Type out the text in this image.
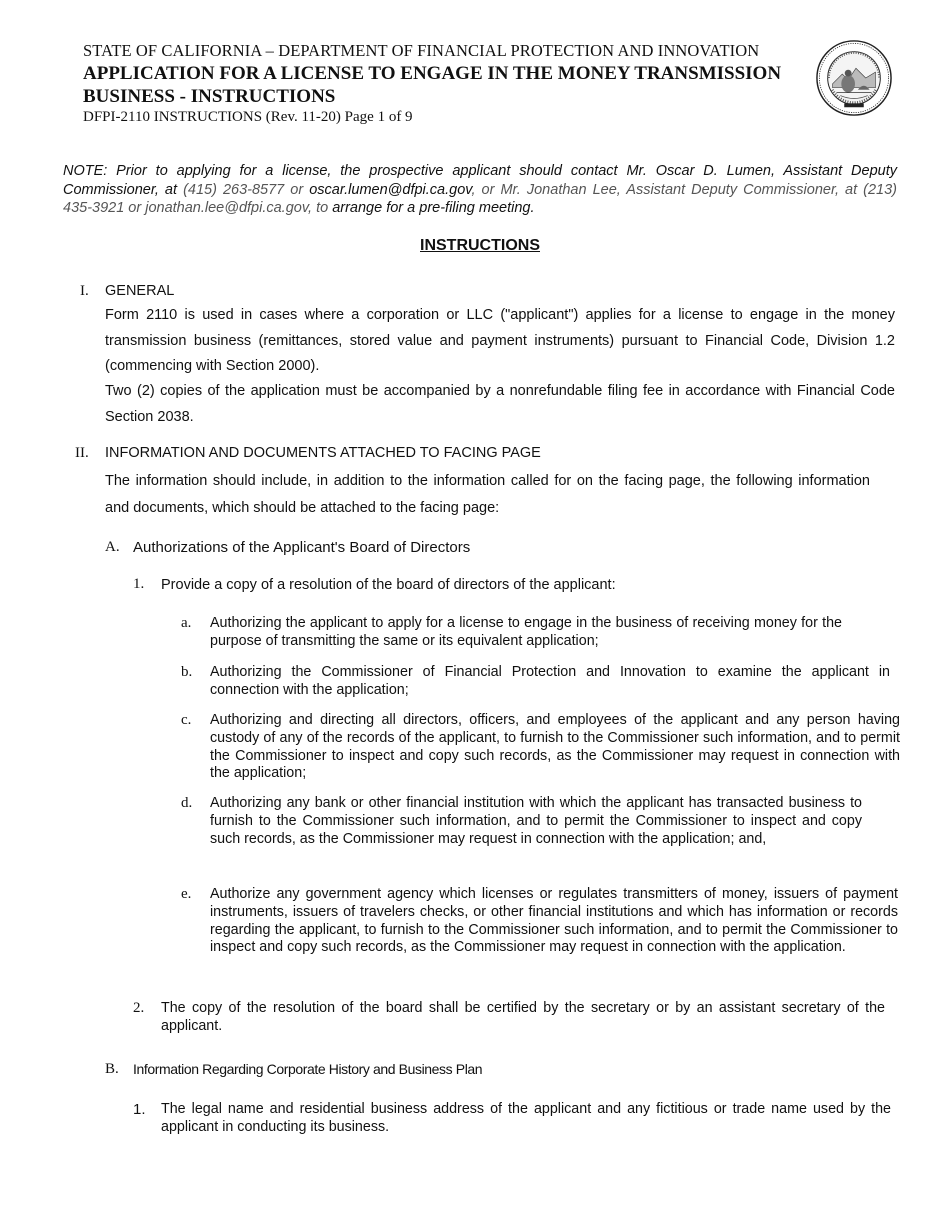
STATE OF CALIFORNIA – DEPARTMENT OF FINANCIAL PROTECTION AND INNOVATION
APPLICATION FOR A LICENSE TO ENGAGE IN THE MONEY TRANSMISSION BUSINESS - INSTRUCTIONS
DFPI-2110 INSTRUCTIONS (Rev. 11-20) Page 1 of 9
NOTE: Prior to applying for a license, the prospective applicant should contact Mr. Oscar D. Lumen, Assistant Deputy Commissioner, at (415) 263-8577 or oscar.lumen@dfpi.ca.gov, or Mr. Jonathan Lee, Assistant Deputy Commissioner, at (213) 435-3921 or jonathan.lee@dfpi.ca.gov, to arrange for a pre-filing meeting.
INSTRUCTIONS
I. GENERAL
Form 2110 is used in cases where a corporation or LLC ("applicant") applies for a license to engage in the money transmission business (remittances, stored value and payment instruments) pursuant to Financial Code, Division 1.2 (commencing with Section 2000).
Two (2) copies of the application must be accompanied by a nonrefundable filing fee in accordance with Financial Code Section 2038.
II. INFORMATION AND DOCUMENTS ATTACHED TO FACING PAGE
The information should include, in addition to the information called for on the facing page, the following information and documents, which should be attached to the facing page:
A. Authorizations of the Applicant's Board of Directors
1. Provide a copy of a resolution of the board of directors of the applicant:
a. Authorizing the applicant to apply for a license to engage in the business of receiving money for the purpose of transmitting the same or its equivalent application;
b. Authorizing the Commissioner of Financial Protection and Innovation to examine the applicant in connection with the application;
c. Authorizing and directing all directors, officers, and employees of the applicant and any person having custody of any of the records of the applicant, to furnish to the Commissioner such information, and to permit the Commissioner to inspect and copy such records, as the Commissioner may request in connection with the application;
d. Authorizing any bank or other financial institution with which the applicant has transacted business to furnish to the Commissioner such information, and to permit the Commissioner to inspect and copy such records, as the Commissioner may request in connection with the application; and,
e. Authorize any government agency which licenses or regulates transmitters of money, issuers of payment instruments, issuers of travelers checks, or other financial institutions and which has information or records regarding the applicant, to furnish to the Commissioner such information, and to permit the Commissioner to inspect and copy such records, as the Commissioner may request in connection with the application.
2. The copy of the resolution of the board shall be certified by the secretary or by an assistant secretary of the applicant.
B. Information Regarding Corporate History and Business Plan
1. The legal name and residential business address of the applicant and any fictitious or trade name used by the applicant in conducting its business.
